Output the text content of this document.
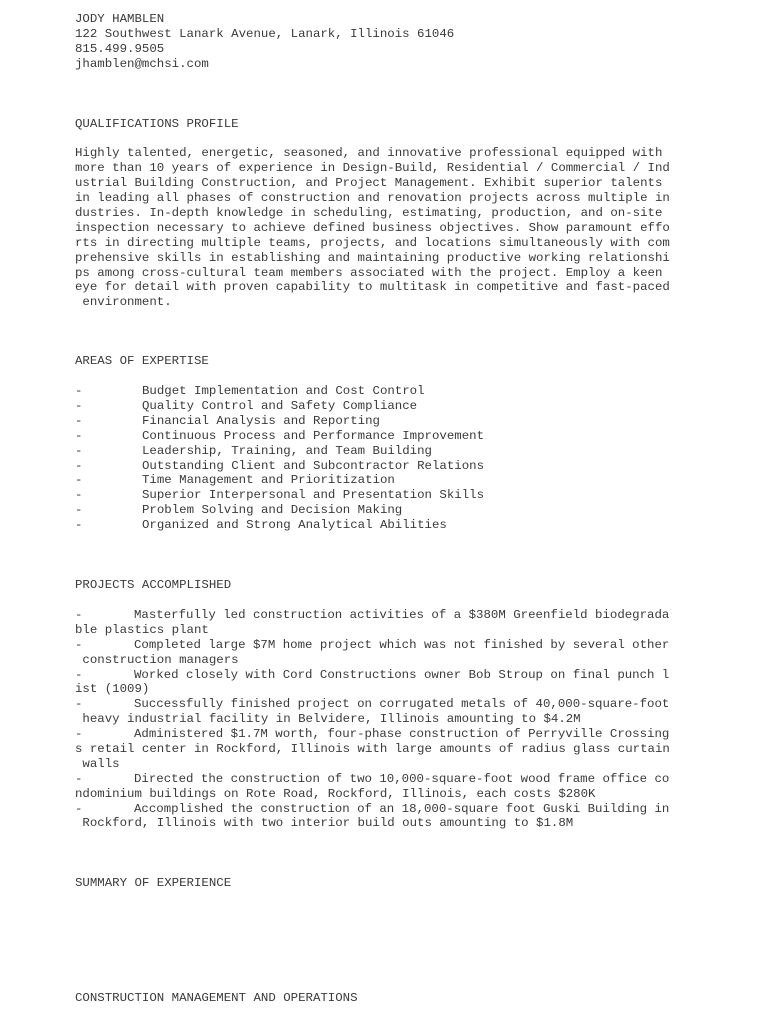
JODY HAMBLEN
122 Southwest Lanark Avenue, Lanark, Illinois 61046
815.499.9505
jhamblen@mchsi.com
QUALIFICATIONS PROFILE
Highly talented, energetic, seasoned, and innovative professional equipped with
more than 10 years of experience in Design-Build, Residential / Commercial / Ind
ustrial Building Construction, and Project Management. Exhibit superior talents
in leading all phases of construction and renovation projects across multiple in
dustries. In-depth knowledge in scheduling, estimating, production, and on-site
inspection necessary to achieve defined business objectives. Show paramount effo
rts in directing multiple teams, projects, and locations simultaneously with com
prehensive skills in establishing and maintaining productive working relationshi
ps among cross-cultural team members associated with the project. Employ a keen
eye for detail with proven capability to multitask in competitive and fast-paced
environment.
AREAS OF EXPERTISE
-	Budget Implementation and Cost Control
-	Quality Control and Safety Compliance
-	Financial Analysis and Reporting
-	Continuous Process and Performance Improvement
-	Leadership, Training, and Team Building
-	Outstanding Client and Subcontractor Relations
-	Time Management and Prioritization
-	Superior Interpersonal and Presentation Skills
-	Problem Solving and Decision Making
-	Organized and Strong Analytical Abilities
PROJECTS ACCOMPLISHED
-	Masterfully led construction activities of a $380M Greenfield biodegrada
ble plastics plant
-	Completed large $7M home project which was not finished by several other
construction managers
-	Worked closely with Cord Constructions owner Bob Stroup on final punch l
ist (1009)
-	Successfully finished project on corrugated metals of 40,000-square-foot
heavy industrial facility in Belvidere, Illinois amounting to $4.2M
-	Administered $1.7M worth, four-phase construction of Perryville Crossing
s retail center in Rockford, Illinois with large amounts of radius glass curtain
walls
-	Directed the construction of two 10,000-square-foot wood frame office co
ndominium buildings on Rote Road, Rockford, Illinois, each costs $280K
-	Accomplished the construction of an 18,000-square foot Guski Building in
Rockford, Illinois with two interior build outs amounting to $1.8M
SUMMARY OF EXPERIENCE
CONSTRUCTION MANAGEMENT AND OPERATIONS
